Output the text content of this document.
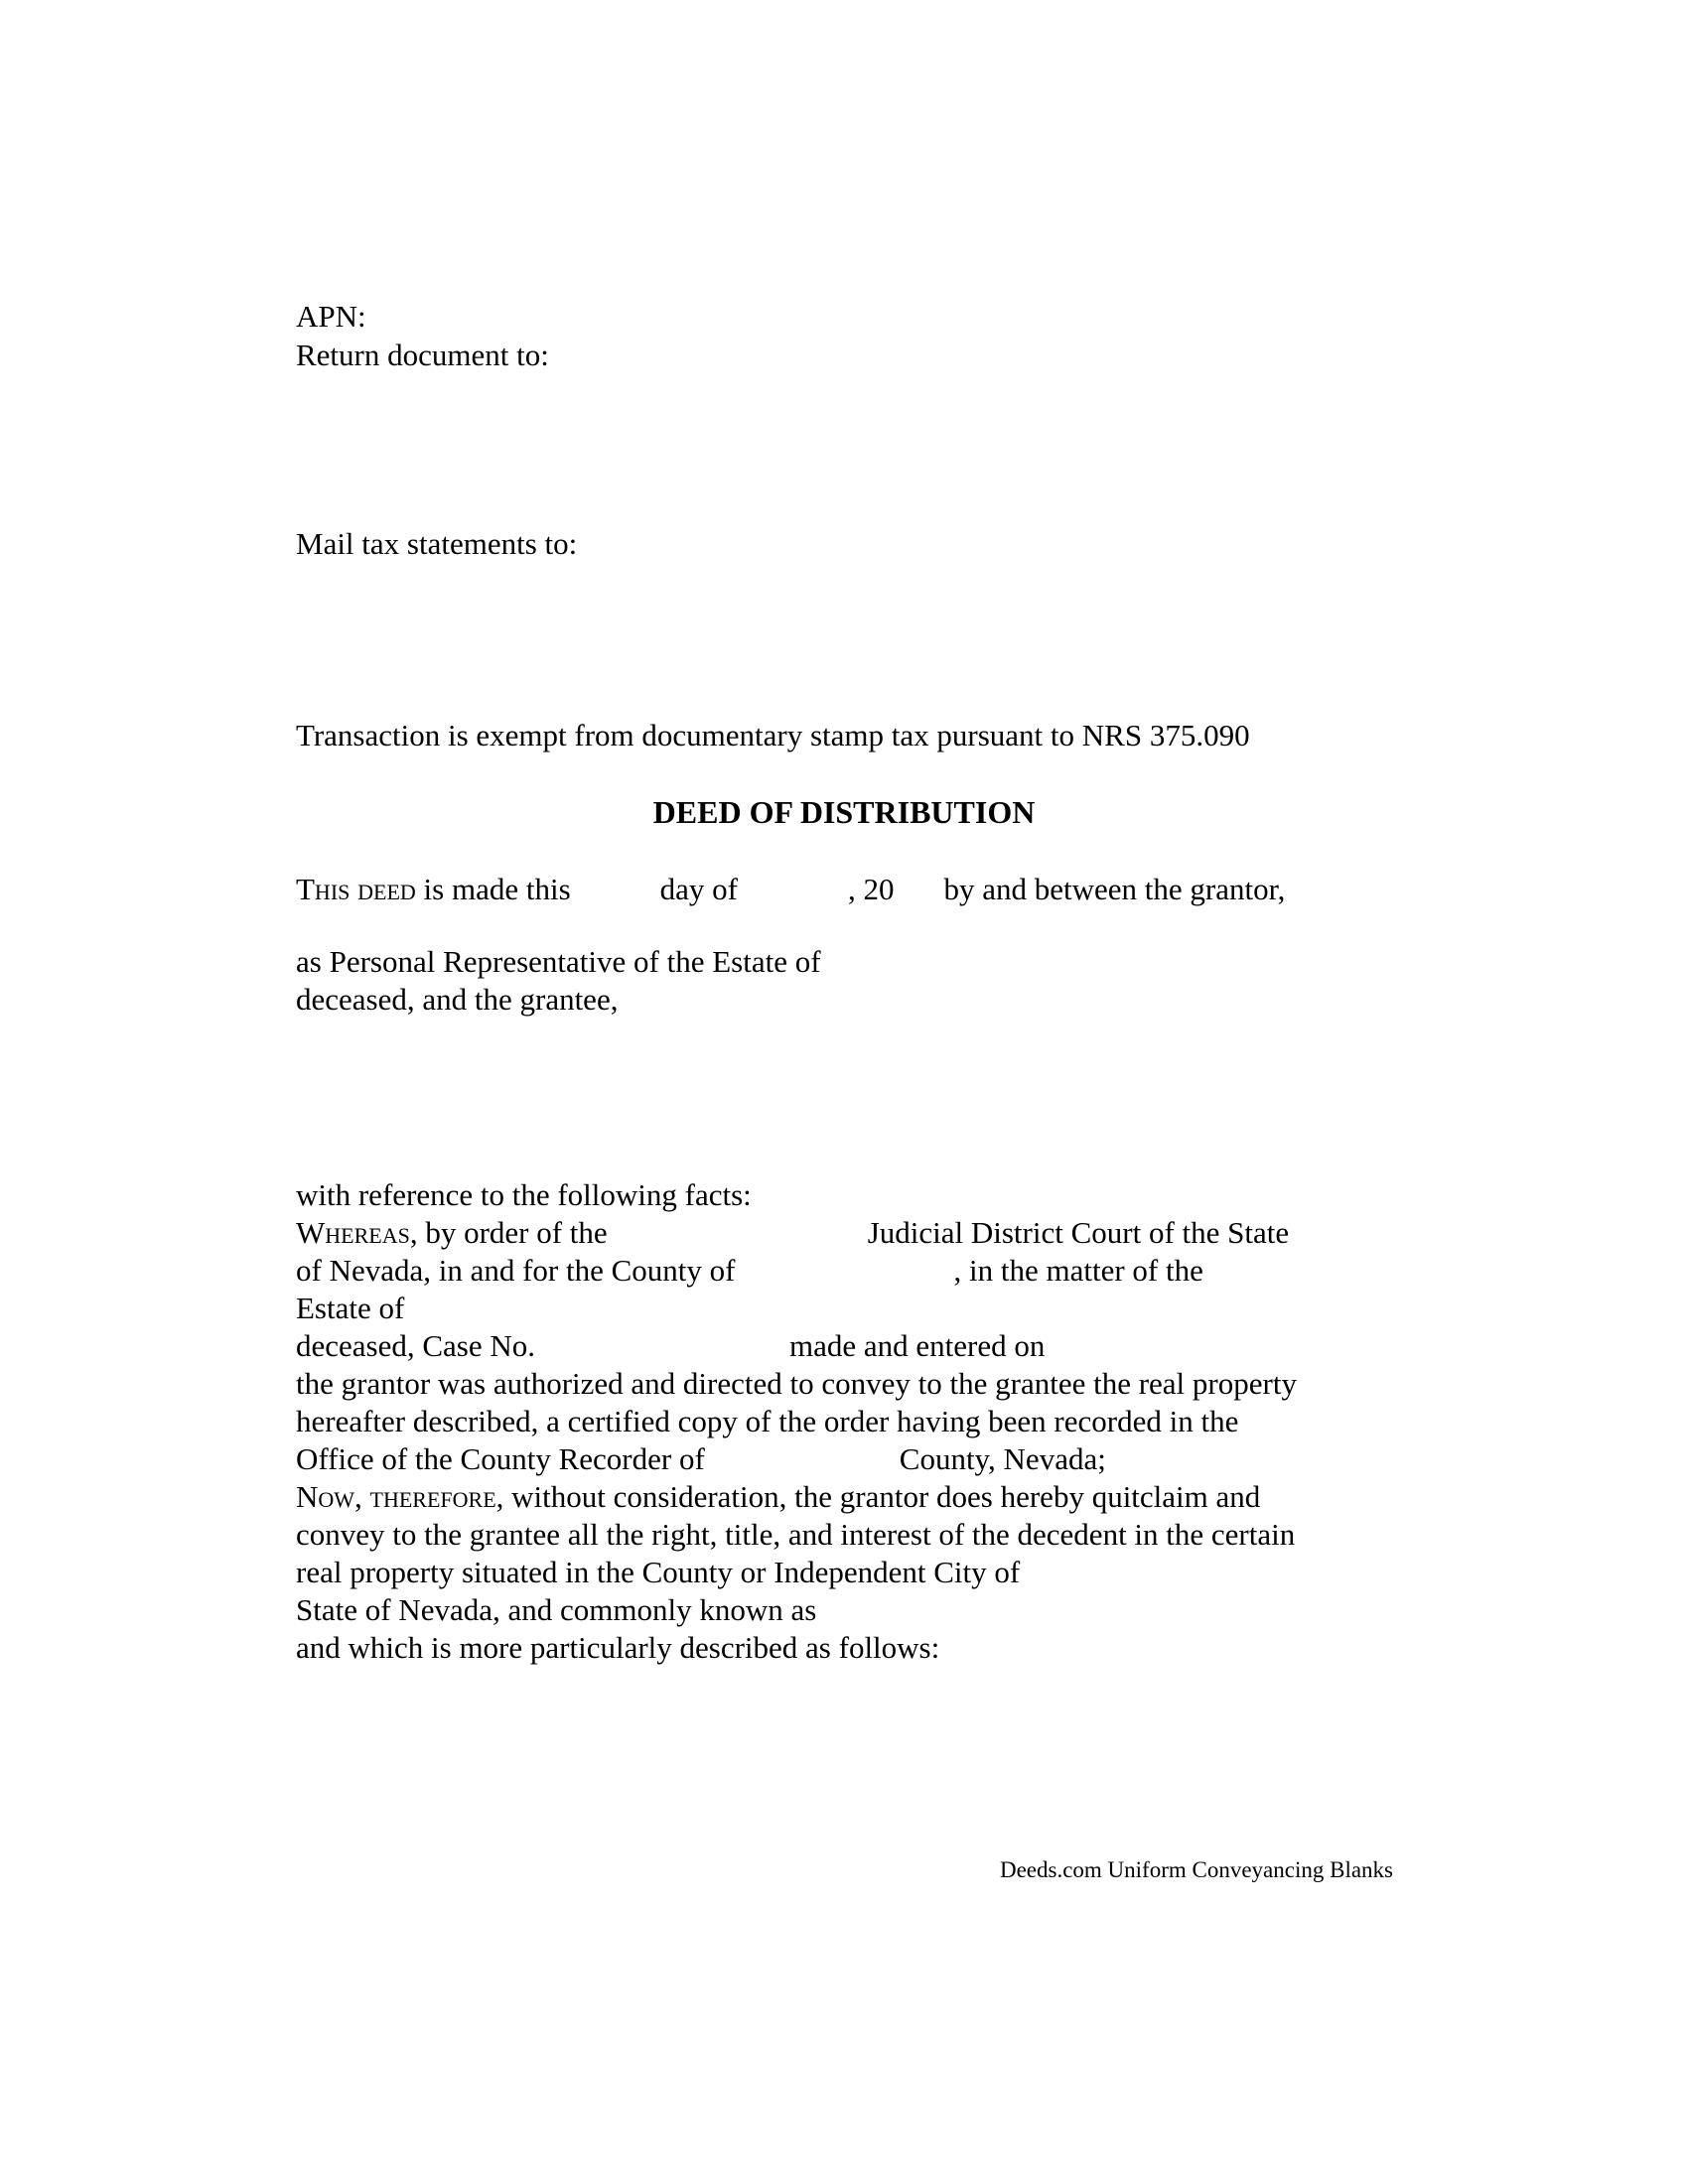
APN:
Return document to:
Mail tax statements to:
Transaction is exempt from documentary stamp tax pursuant to NRS 375.090
DEED OF DISTRIBUTION
This deed is made this	day of	, 20 by and between the grantor,
as Personal Representative of the Estate of
deceased, and the grantee,
with reference to the following facts:
Whereas, by order of the	Judicial District Court of the State
of Nevada, in and for the County of	, in the matter of the
Estate of
deceased, Case No.	made and entered on
the grantor was authorized and directed to convey to the grantee the real property
hereafter described, a certified copy of the order having been recorded in the
Office of the County Recorder of	County, Nevada;
Now, therefore, without consideration, the grantor does hereby quitclaim and
convey to the grantee all the right, title, and interest of the decedent in the certain
real property situated in the County or Independent City of
State of Nevada, and commonly known as
and which is more particularly described as follows:
Deeds.com Uniform Conveyancing Blanks
